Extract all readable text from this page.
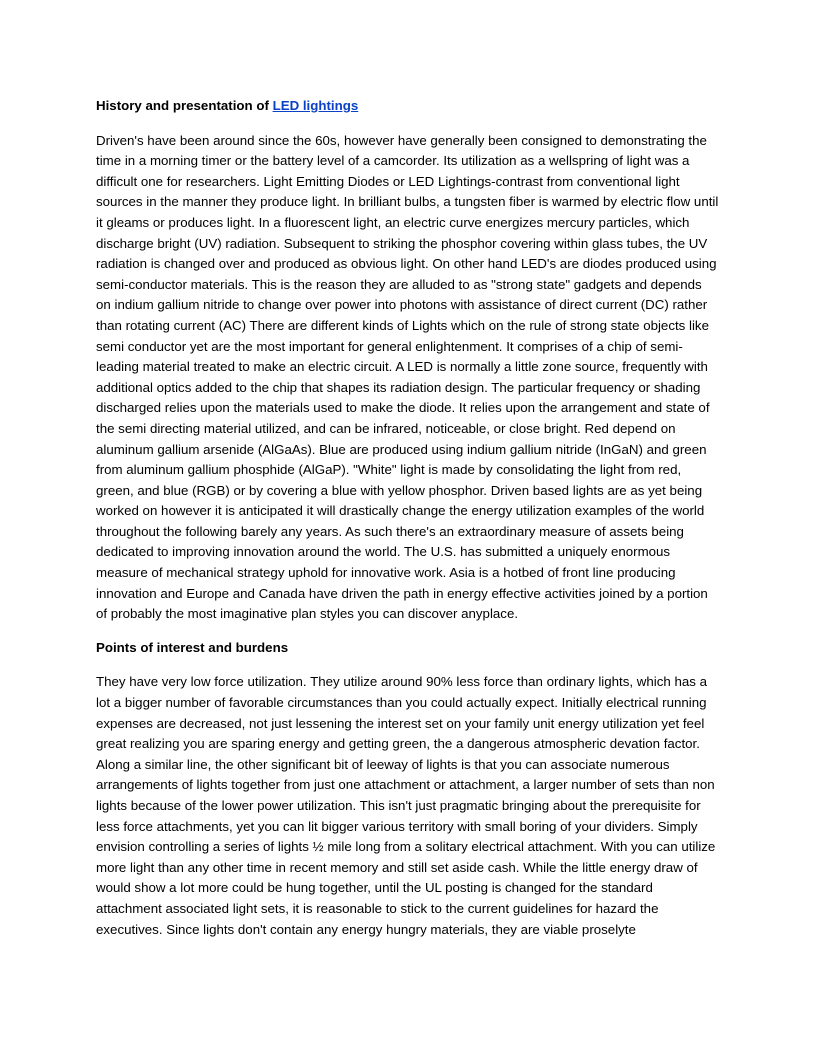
History and presentation of LED lightings

Driven's have been around since the 60s, however have generally been consigned to demonstrating the time in a morning timer or the battery level of a camcorder. Its utilization as a wellspring of light was a difficult one for researchers. Light Emitting Diodes or LED Lightings-contrast from conventional light sources in the manner they produce light. In brilliant bulbs, a tungsten fiber is warmed by electric flow until it gleams or produces light. In a fluorescent light, an electric curve energizes mercury particles, which discharge bright (UV) radiation. Subsequent to striking the phosphor covering within glass tubes, the UV radiation is changed over and produced as obvious light. On other hand LED's are diodes produced using semi-conductor materials. This is the reason they are alluded to as "strong state" gadgets and depends on indium gallium nitride to change over power into photons with assistance of direct current (DC) rather than rotating current (AC) There are different kinds of Lights which on the rule of strong state objects like semi conductor yet are the most important for general enlightenment. It comprises of a chip of semi-leading material treated to make an electric circuit. A LED is normally a little zone source, frequently with additional optics added to the chip that shapes its radiation design. The particular frequency or shading discharged relies upon the materials used to make the diode. It relies upon the arrangement and state of the semi directing material utilized, and can be infrared, noticeable, or close bright. Red depend on aluminum gallium arsenide (AlGaAs). Blue are produced using indium gallium nitride (InGaN) and green from aluminum gallium phosphide (AlGaP). "White" light is made by consolidating the light from red, green, and blue (RGB) or by covering a blue with yellow phosphor. Driven based lights are as yet being worked on however it is anticipated it will drastically change the energy utilization examples of the world throughout the following barely any years. As such there's an extraordinary measure of assets being dedicated to improving innovation around the world. The U.S. has submitted a uniquely enormous measure of mechanical strategy uphold for innovative work. Asia is a hotbed of front line producing innovation and Europe and Canada have driven the path in energy effective activities joined by a portion of probably the most imaginative plan styles you can discover anyplace.

Points of interest and burdens

They have very low force utilization. They utilize around 90% less force than ordinary lights, which has a lot a bigger number of favorable circumstances than you could actually expect. Initially electrical running expenses are decreased, not just lessening the interest set on your family unit energy utilization yet feel great realizing you are sparing energy and getting green, the a dangerous atmospheric devation factor. Along a similar line, the other significant bit of leeway of lights is that you can associate numerous arrangements of lights together from just one attachment or attachment, a larger number of sets than non lights because of the lower power utilization. This isn't just pragmatic bringing about the prerequisite for less force attachments, yet you can lit bigger various territory with small boring of your dividers. Simply envision controlling a series of lights ½ mile long from a solitary electrical attachment. With you can utilize more light than any other time in recent memory and still set aside cash. While the little energy draw of would show a lot more could be hung together, until the UL posting is changed for the standard attachment associated light sets, it is reasonable to stick to the current guidelines for hazard the executives. Since lights don't contain any energy hungry materials, they are viable proselyte
